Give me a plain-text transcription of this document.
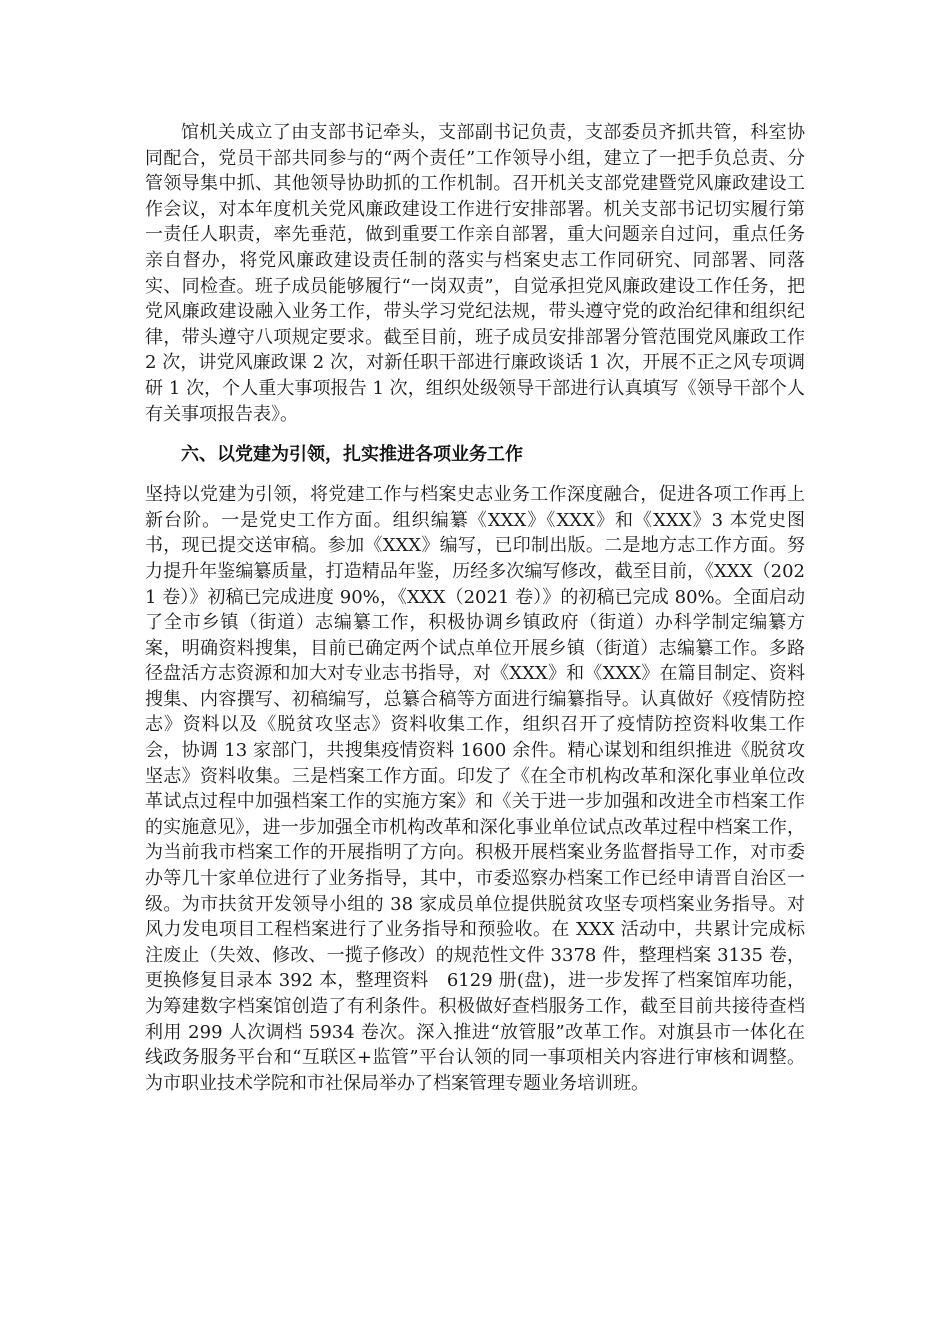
馆机关成立了由支部书记牵头，支部副书记负责，支部委员齐抓共管，科室协同配合，党员干部共同参与的“两个责任”工作领导小组，建立了一把手负总责、分管领导集中抓、其他领导协助抓的工作机制。召开机关支部党建暨党风廉政建设工作会议，对本年度机关党风廉政建设工作进行安排部署。机关支部书记切实履行第一责任人职责，率先垂范，做到重要工作亲自部署，重大问题亲自过问，重点任务亲自督办，将党风廉政建设责任制的落实与档案史志工作同研究、同部署、同落实、同检查。班子成员能够履行“一岗双责”，自觉承担党风廉政建设工作任务，把党风廉政建设融入业务工作，带头学习党纪法规，带头遵守党的政治纪律和组织纪律，带头遵守八项规定要求。截至目前，班子成员安排部署分管范围党风廉政工作 2 次，讲党风廉政课 2 次，对新任职干部进行廉政谈话 1 次，开展不正之风专项调研 1 次，个人重大事项报告 1 次，组织处级领导干部进行认真填写《领导干部个人有关事项报告表》。

六、以党建为引领，扎实推进各项业务工作

坚持以党建为引领，将党建工作与档案史志业务工作深度融合，促进各项工作再上新台阶。一是党史工作方面。组织编纂《XXX》《XXX》和《XXX》3 本党史图书，现已提交送审稿。参加《XXX》编写，已印制出版。二是地方志工作方面。努力提升年鉴编纂质量，打造精品年鉴，历经多次编写修改，截至目前，《XXX（2021 卷）》初稿已完成进度 90%，《XXX（2021 卷）》的初稿已完成 80%。全面启动了全市乡镇（街道）志编纂工作，积极协调乡镇政府（街道）办科学制定编纂方案，明确资料搜集，目前已确定两个试点单位开展乡镇（街道）志编纂工作。多路径盘活方志资源和加大对专业志书指导，对《XXX》和《XXX》在篇目制定、资料搜集、内容撰写、初稿编写，总纂合稿等方面进行编纂指导。认真做好《疫情防控志》资料以及《脱贫攻坚志》资料收集工作，组织召开了疫情防控资料收集工作会，协调 13 家部门，共搜集疫情资料 1600 余件。精心谋划和组织推进《脱贫攻坚志》资料收集。三是档案工作方面。印发了《在全市机构改革和深化事业单位改革试点过程中加强档案工作的实施方案》和《关于进一步加强和改进全市档案工作的实施意见》，进一步加强全市机构改革和深化事业单位试点改革过程中档案工作，为当前我市档案工作的开展指明了方向。积极开展档案业务监督指导工作，对市委办等几十家单位进行了业务指导，其中，市委巡察办档案工作已经申请晋自治区一级。为市扶贫开发领导小组的 38 家成员单位提供脱贫攻坚专项档案业务指导。对风力发电项目工程档案进行了业务指导和预验收。在 XXX 活动中，共累计完成标注废止（失效、修改、一揽子修改）的规范性文件 3378 件，整理档案 3135 卷，更换修复目录本 392 本，整理资料　6129 册(盘)，进一步发挥了档案馆库功能，为筹建数字档案馆创造了有利条件。积极做好查档服务工作，截至目前共接待查档利用 299 人次调档 5934 卷次。深入推进“放管服”改革工作。对旗县市一体化在线政务服务平台和“互联区+监管”平台认领的同一事项相关内容进行审核和调整。为市职业技术学院和市社保局举办了档案管理专题业务培训班。
